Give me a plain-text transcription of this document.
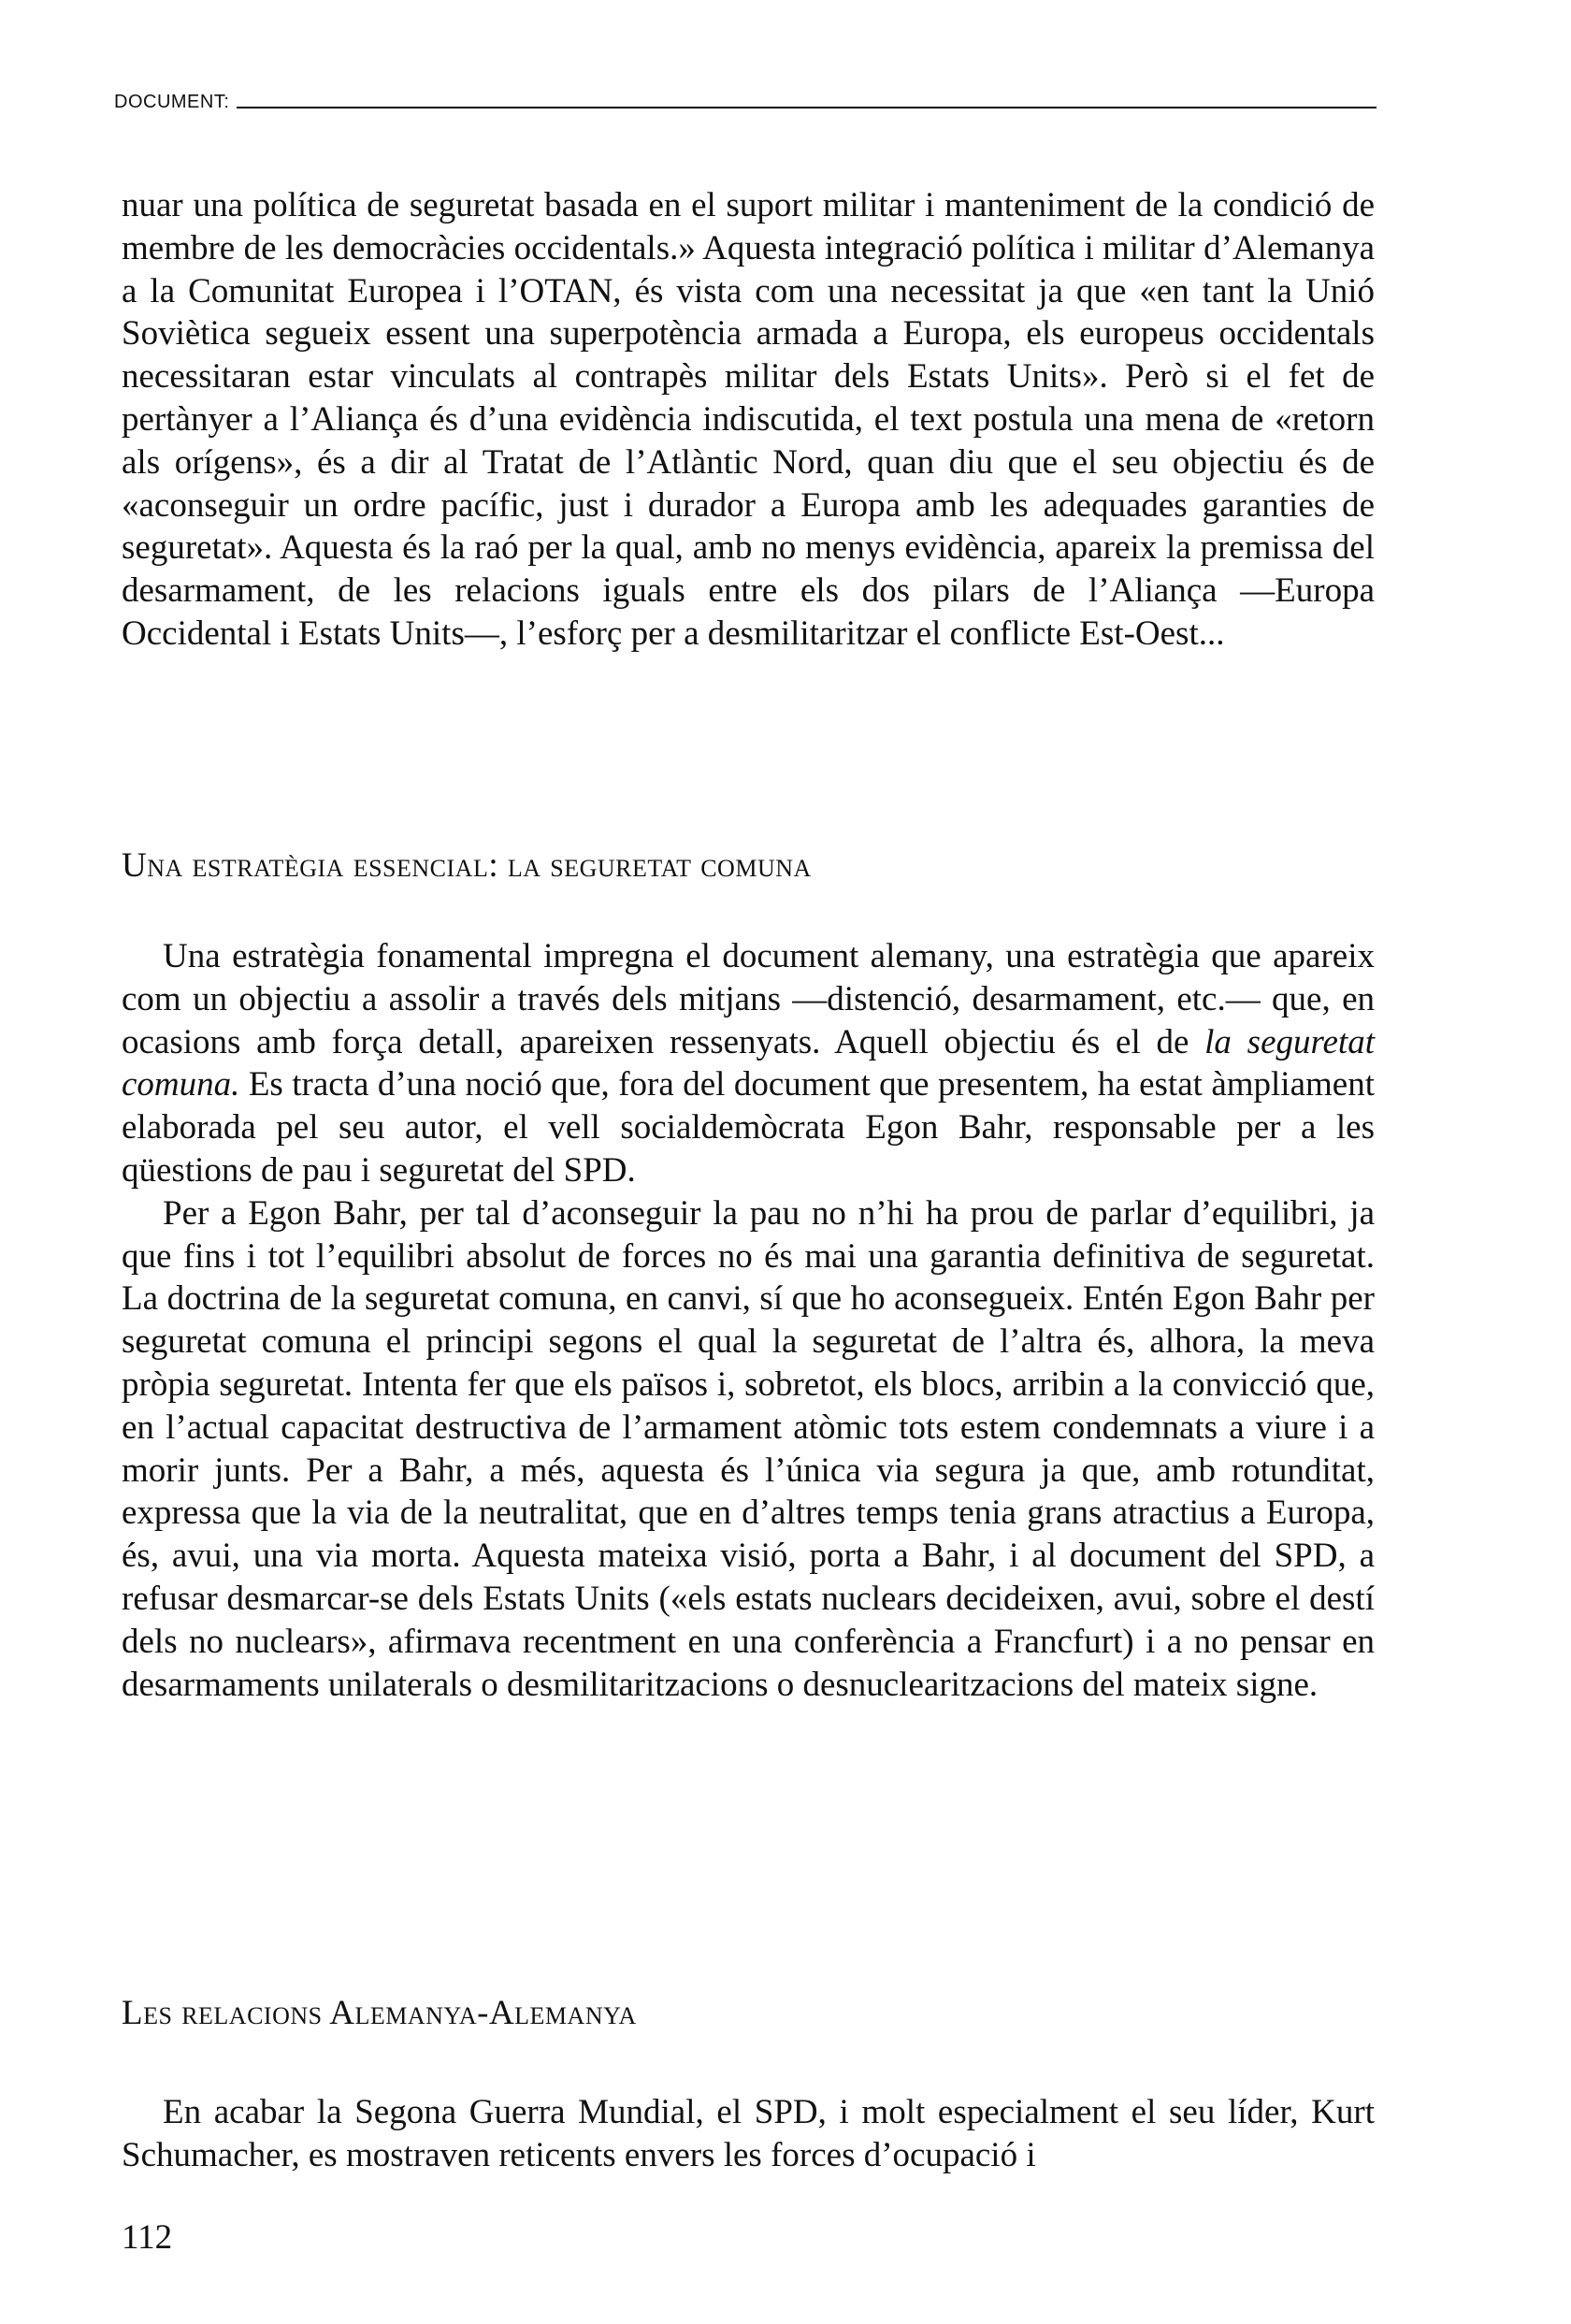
DOCUMENT:

nuar una política de seguretat basada en el suport militar i manteniment de la condició de membre de les democràcies occidentals.» Aquesta integració política i militar d’Alemanya a la Comunitat Europea i l’OTAN, és vista com una necessitat ja que «en tant la Unió Soviètica segueix essent una superpotència armada a Europa, els europeus occidentals necessitaran estar vinculats al contrapès militar dels Estats Units». Però si el fet de pertànyer a l’Aliança és d’una evidència indiscutida, el text postula una mena de «retorn als orígens», és a dir al Tratat de l’Atlàntic Nord, quan diu que el seu objectiu és de «aconseguir un ordre pacífic, just i durador a Europa amb les adequades garanties de seguretat». Aquesta és la raó per la qual, amb no menys evidència, apareix la premissa del desarmament, de les relacions iguals entre els dos pilars de l’Aliança —Europa Occidental i Estats Units—, l’esforç per a desmilitaritzar el conflicte Est-Oest...

Una estratègia essencial: la seguretat comuna

Una estratègia fonamental impregna el document alemany, una estratègia que apareix com un objectiu a assolir a través dels mitjans —distenció, desarmament, etc.— que, en ocasions amb força detall, apareixen ressenyats. Aquell objectiu és el de la seguretat comuna. Es tracta d’una noció que, fora del document que presentem, ha estat àmpliament elaborada pel seu autor, el vell socialdemòcrata Egon Bahr, responsable per a les qüestions de pau i seguretat del SPD.

Per a Egon Bahr, per tal d’aconseguir la pau no n’hi ha prou de parlar d’equilibri, ja que fins i tot l’equilibri absolut de forces no és mai una garantia definitiva de seguretat. La doctrina de la seguretat comuna, en canvi, sí que ho aconsegueix. Entén Egon Bahr per seguretat comuna el principi segons el qual la seguretat de l’altra és, alhora, la meva pròpia seguretat. Intenta fer que els països i, sobretot, els blocs, arribin a la convicció que, en l’actual capacitat destructiva de l’armament atòmic tots estem condemnats a viure i a morir junts. Per a Bahr, a més, aquesta és l’única via segura ja que, amb rotunditat, expressa que la via de la neutralitat, que en d’altres temps tenia grans atractius a Europa, és, avui, una via morta. Aquesta mateixa visió, porta a Bahr, i al document del SPD, a refusar desmarcar-se dels Estats Units («els estats nuclears decideixen, avui, sobre el destí dels no nuclears», afirmava recentment en una conferència a Francfurt) i a no pensar en desarmaments unilaterals o desmilitaritzacions o desnuclearitzacions del mateix signe.

Les relacions Alemanya-Alemanya

En acabar la Segona Guerra Mundial, el SPD, i molt especialment el seu líder, Kurt Schumacher, es mostraven reticents envers les forces d’ocupació i

112
